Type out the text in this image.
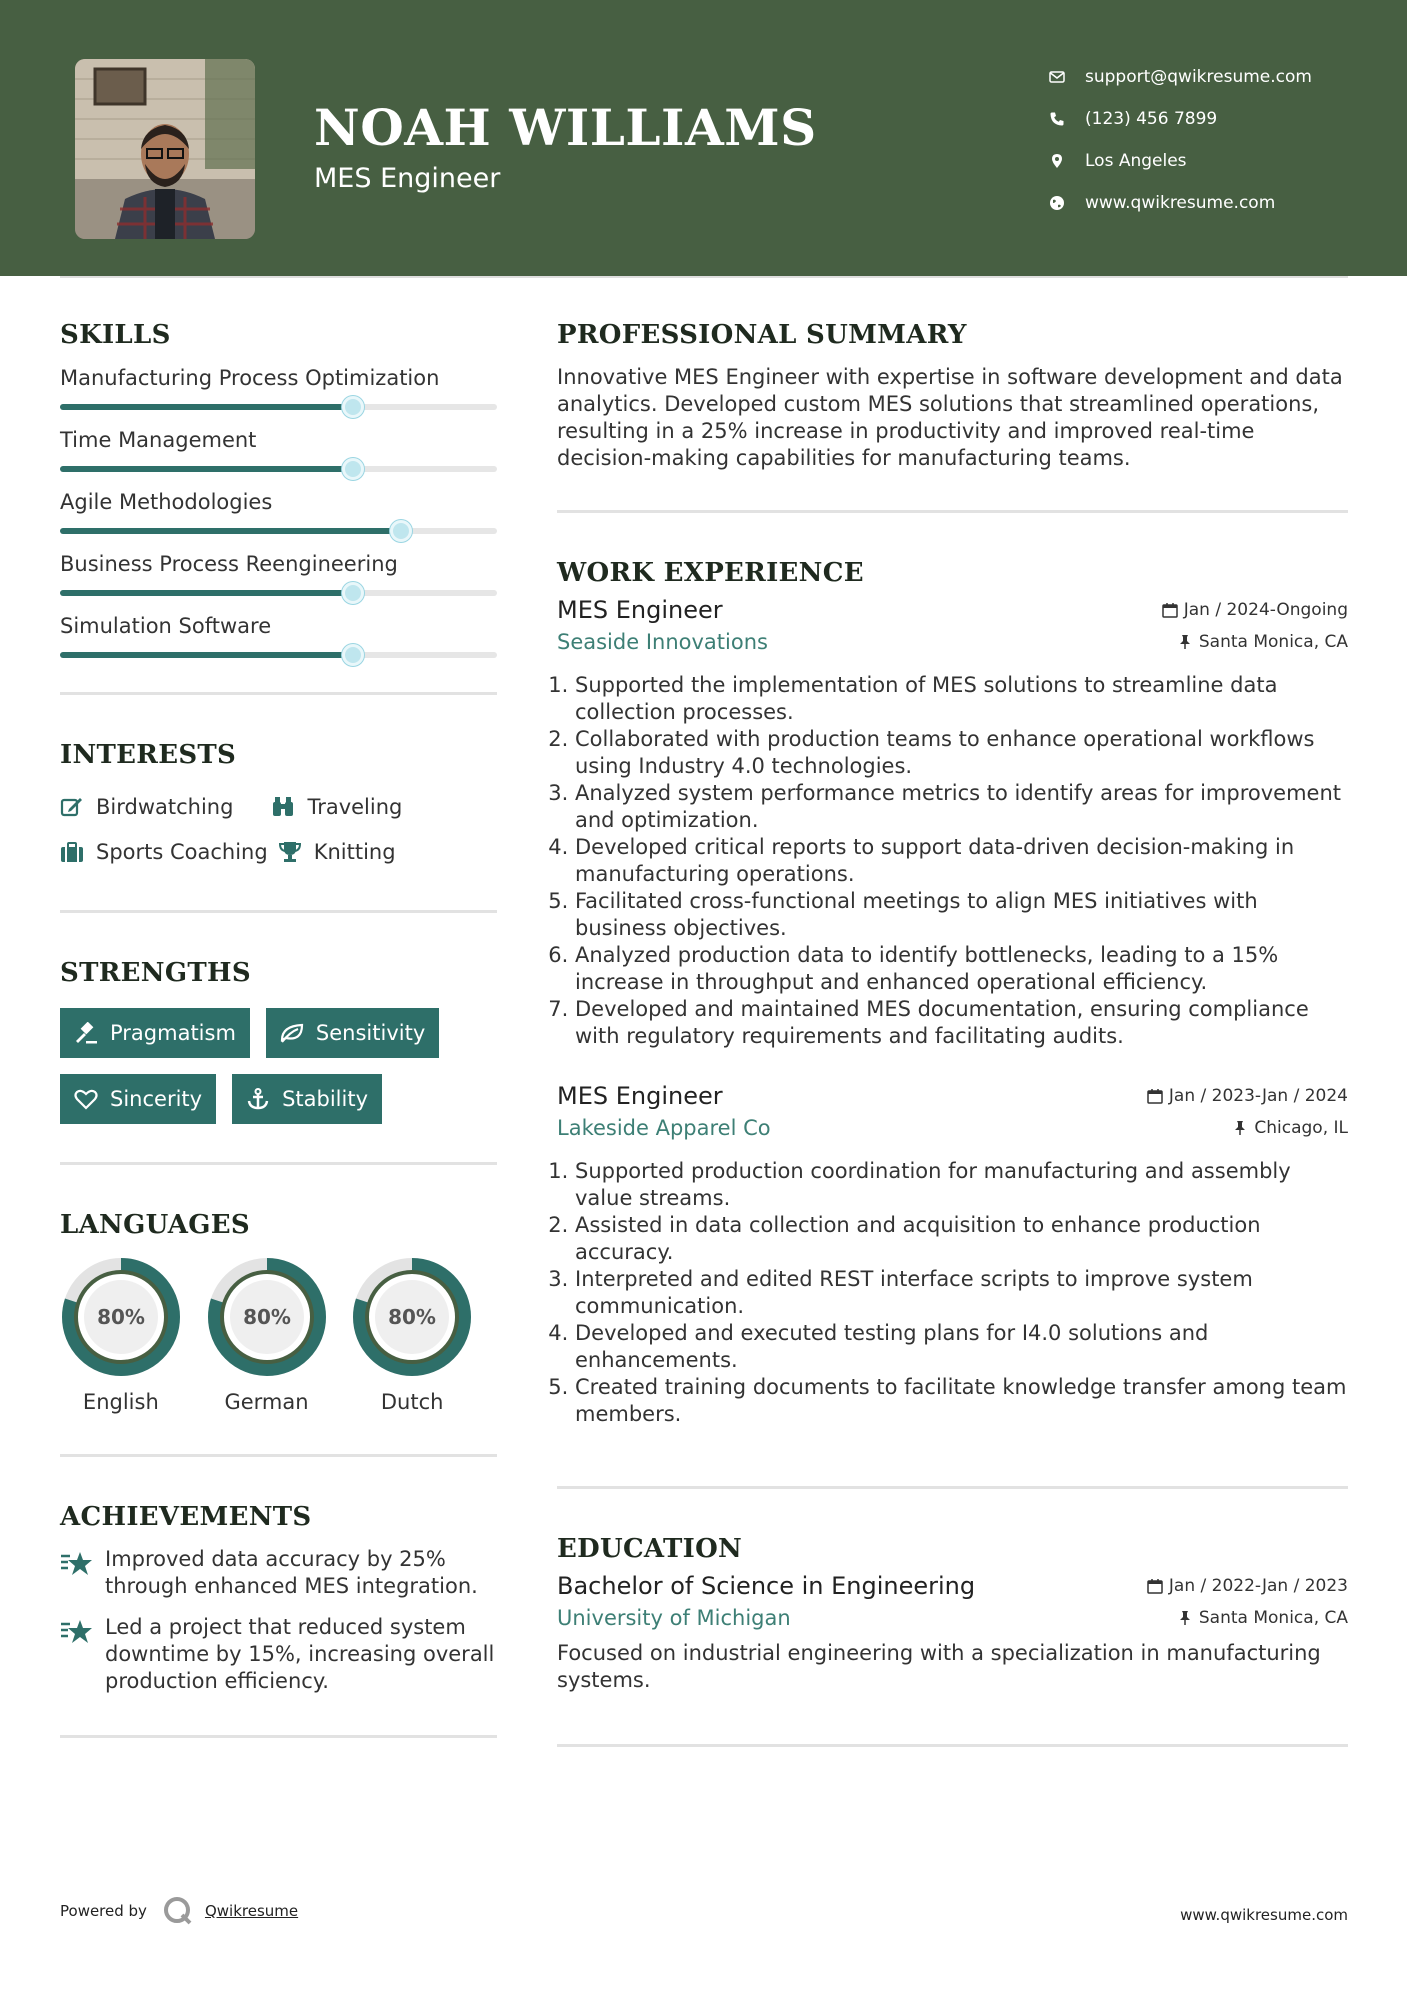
NOAH WILLIAMS
MES Engineer
support@qwikresume.com
(123) 456 7899
Los Angeles
www.qwikresume.com
SKILLS
Manufacturing Process Optimization
Time Management
Agile Methodologies
Business Process Reengineering
Simulation Software
INTERESTS
Birdwatching	Traveling
Sports Coaching Knitting
STRENGTHS
Pragmatism	Sensitivity
Sincerity	Stability
LANGUAGES
80%
English
80%
German
80%
Dutch
ACHIEVEMENTS
Improved data accuracy by 25% through enhanced MES integration.
Led a project that reduced system downtime by 15%, increasing overall production efficiency.
PROFESSIONAL SUMMARY
Innovative MES Engineer with expertise in software development and data analytics. Developed custom MES solutions that streamlined operations, resulting in a 25% increase in productivity and improved real-time decision-making capabilities for manufacturing teams.
WORK EXPERIENCE
MES Engineer	Jan / 2024-Ongoing
Seaside Innovations	Santa Monica, CA
1. Supported the implementation of MES solutions to streamline data collection processes.
2. Collaborated with production teams to enhance operational workflows using Industry 4.0 technologies.
3. Analyzed system performance metrics to identify areas for improvement and optimization.
4. Developed critical reports to support data-driven decision-making in manufacturing operations.
5. Facilitated cross-functional meetings to align MES initiatives with business objectives.
6. Analyzed production data to identify bottlenecks, leading to a 15% increase in throughput and enhanced operational efficiency.
7. Developed and maintained MES documentation, ensuring compliance with regulatory requirements and facilitating audits.
MES Engineer	Jan / 2023-Jan / 2024
Lakeside Apparel Co	Chicago, IL
1. Supported production coordination for manufacturing and assembly value streams.
2. Assisted in data collection and acquisition to enhance production accuracy.
3. Interpreted and edited REST interface scripts to improve system communication.
4. Developed and executed testing plans for I4.0 solutions and enhancements.
5. Created training documents to facilitate knowledge transfer among team members.
EDUCATION
Bachelor of Science in Engineering	Jan / 2022-Jan / 2023
University of Michigan	Santa Monica, CA
Focused on industrial engineering with a specialization in manufacturing systems.
Powered by	Qwikresume	www.qwikresume.com
